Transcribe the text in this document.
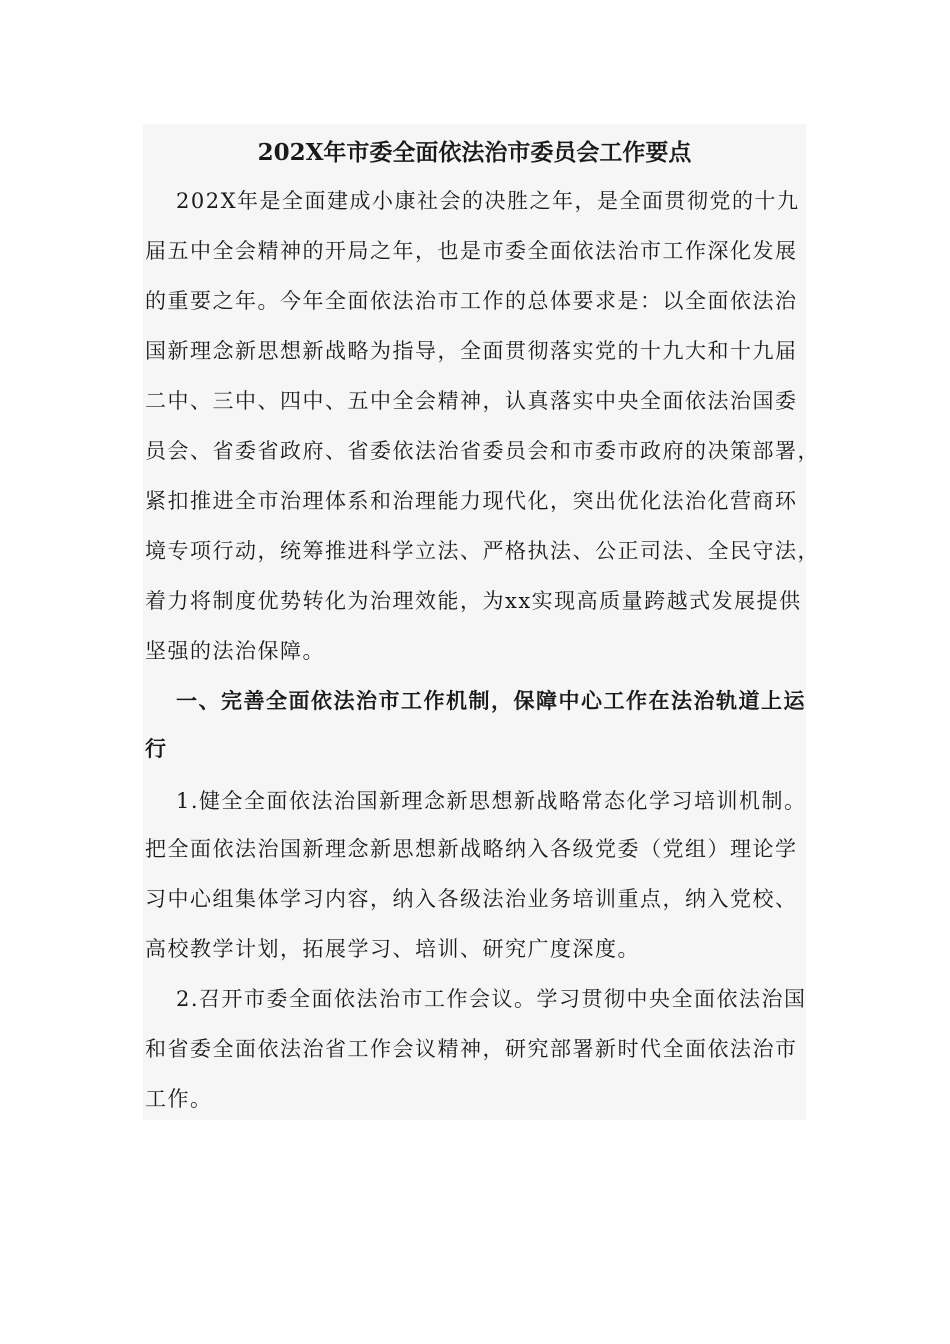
202X年市委全面依法治市委员会工作要点

202X年是全面建成小康社会的决胜之年，是全面贯彻党的十九

届五中全会精神的开局之年，也是市委全面依法治市工作深化发展

的重要之年。今年全面依法治市工作的总体要求是：以全面依法治

国新理念新思想新战略为指导，全面贯彻落实党的十九大和十九届

二中、三中、四中、五中全会精神，认真落实中央全面依法治国委

员会、省委省政府、省委依法治省委员会和市委市政府的决策部署，

紧扣推进全市治理体系和治理能力现代化，突出优化法治化营商环

境专项行动，统筹推进科学立法、严格执法、公正司法、全民守法，

着力将制度优势转化为治理效能，为xx实现高质量跨越式发展提供

坚强的法治保障。

一、完善全面依法治市工作机制，保障中心工作在法治轨道上运

行

1.健全全面依法治国新理念新思想新战略常态化学习培训机制。

把全面依法治国新理念新思想新战略纳入各级党委（党组）理论学

习中心组集体学习内容，纳入各级法治业务培训重点，纳入党校、

高校教学计划，拓展学习、培训、研究广度深度。

2.召开市委全面依法治市工作会议。学习贯彻中央全面依法治国

和省委全面依法治省工作会议精神，研究部署新时代全面依法治市

工作。
